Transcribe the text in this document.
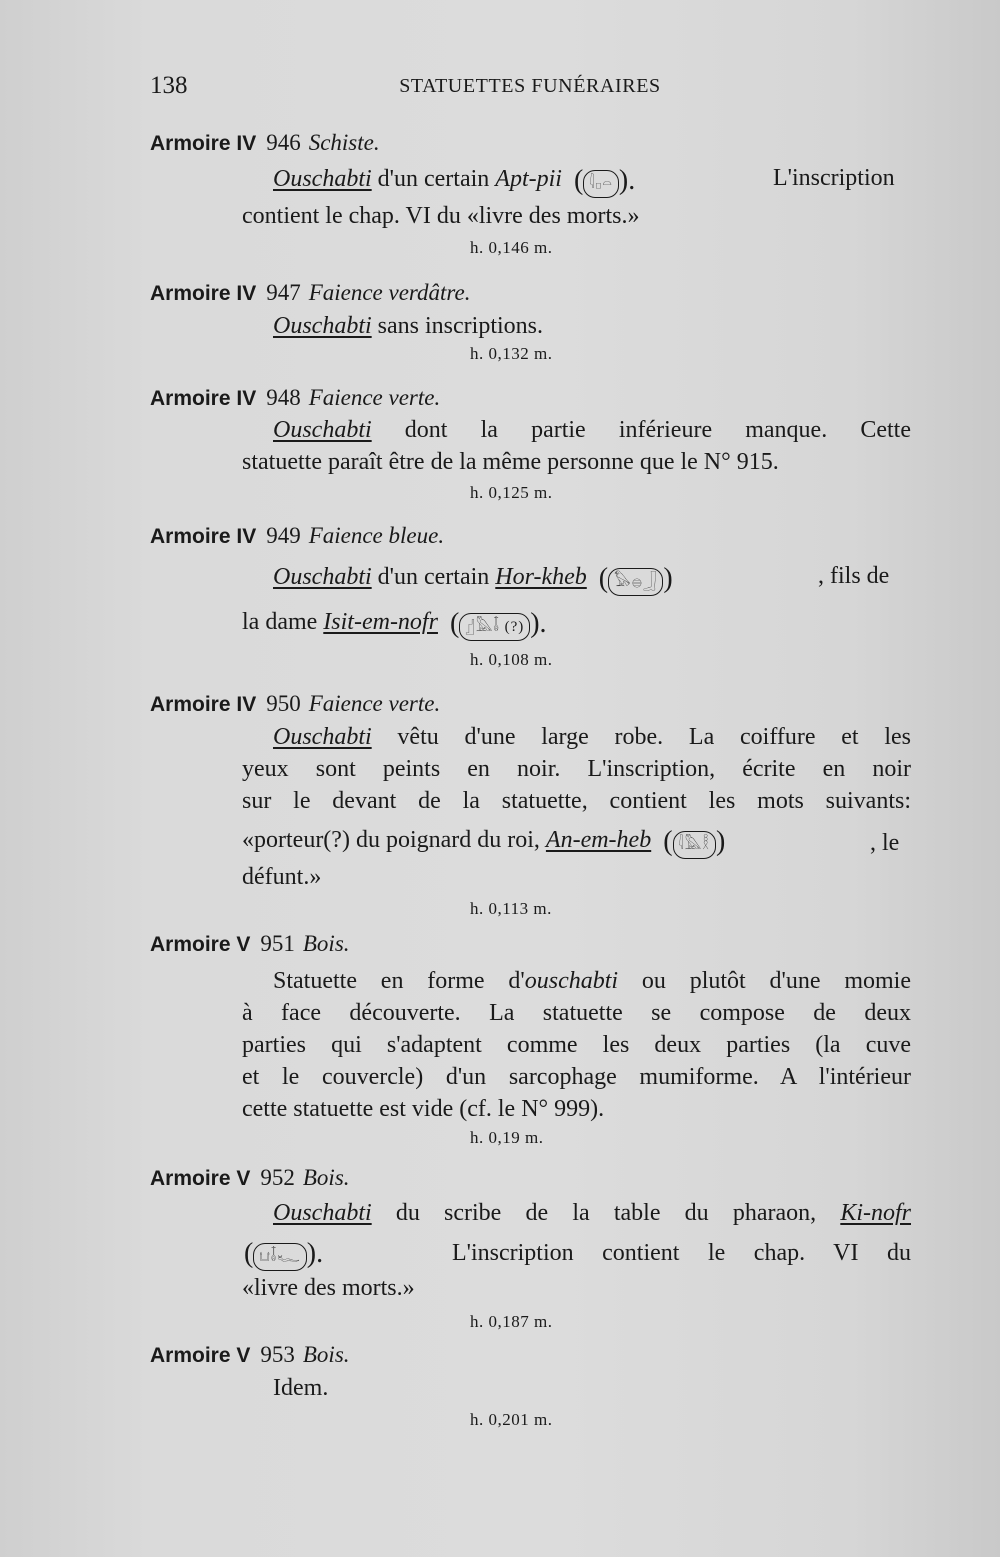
138	STATUETTES FUNÉRAIRES
Armoire IV 946 Schiste.
Ouschabti d'un certain Apt-pii ( 𓇋𓊪𓏏 ).	L'inscription
contient le chap. VI du «livre des morts.»
h. 0,146 m.
Armoire IV 947 Faience verdâtre.
Ouschabti sans inscriptions.
h. 0,132 m.
Armoire IV 948 Faience verte.
Ouschabti dont la partie inférieure manque. Cette
statuette paraît être de la même personne que le N° 915.
h. 0,125 m.
Armoire IV 949 Faience bleue.
Ouschabti d'un certain Hor-kheb ( 𓅃𓐍𓃀 )	, fils de
la dame Isit-em-nofr ( 𓊨𓅓𓄤 (?) ).
h. 0,108 m.
Armoire IV 950 Faience verte.
Ouschabti vêtu d'une large robe. La coiffure et les
yeux sont peints en noir. L'inscription, écrite en noir
sur le devant de la statuette, contient les mots suivants:
«porteur(?) du poignard du roi, An-em-heb ( 𓇋𓅓𓎛 )	, le
défunt.»
h. 0,113 m.
Armoire V 951 Bois.
Statuette en forme d'ouschabti ou plutôt d'une momie
à face découverte. La statuette se compose de deux
parties qui s'adaptent comme les deux parties (la cuve
et le couvercle) d'un sarcophage mumiforme. A l'intérieur
cette statuette est vide (cf. le N° 999).
h. 0,19 m.
Armoire V 952 Bois.
Ouschabti du scribe de la table du pharaon, Ki-nofr
( 𓂓𓄤𓆑 ).	L'inscription contient le chap. VI du
«livre des morts.»
h. 0,187 m.
Armoire V 953 Bois.
Idem.
h. 0,201 m.
